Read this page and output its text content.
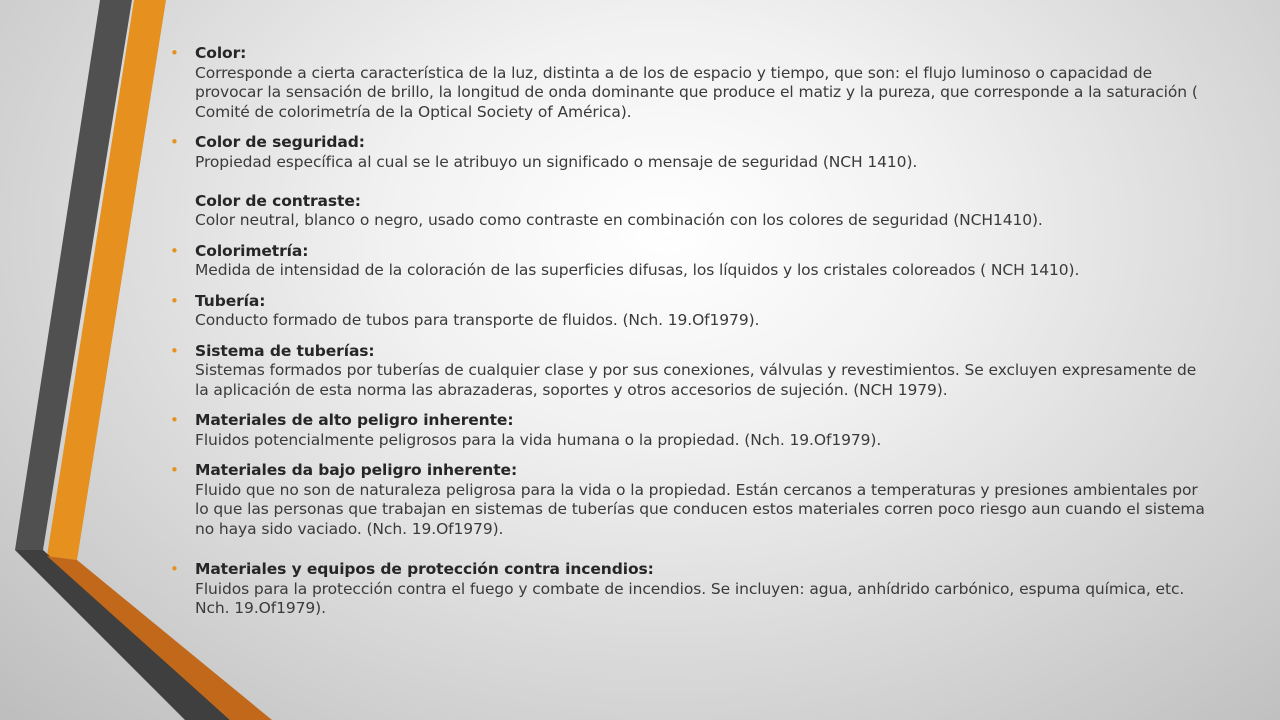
• Color:
Corresponde a cierta característica de la luz, distinta a de los de espacio y tiempo, que son: el flujo luminoso o capacidad de provocar la sensación de brillo, la longitud de onda dominante que produce el matiz y la pureza, que corresponde a la saturación ( Comité de colorimetría de la Optical Society of América).
• Color de seguridad:
Propiedad específica al cual se le atribuyo un significado o mensaje de seguridad (NCH 1410).
Color de contraste:
Color neutral, blanco o negro, usado como contraste en combinación con los colores de seguridad (NCH1410).
• Colorimetría:
Medida de intensidad de la coloración de las superficies difusas, los líquidos y los cristales coloreados ( NCH 1410).
• Tubería:
Conducto formado de tubos para transporte de fluidos. (Nch. 19.Of1979).
• Sistema de tuberías:
Sistemas formados por tuberías de cualquier clase y por sus conexiones, válvulas y revestimientos. Se excluyen expresamente de la aplicación de esta norma las abrazaderas, soportes y otros accesorios de sujeción. (NCH 1979).
• Materiales de alto peligro inherente:
Fluidos potencialmente peligrosos para la vida humana o la propiedad. (Nch. 19.Of1979).
• Materiales da bajo peligro inherente:
Fluido que no son de naturaleza peligrosa para la vida o la propiedad. Están cercanos a temperaturas y presiones ambientales por lo que las personas que trabajan en sistemas de tuberías que conducen estos materiales corren poco riesgo aun cuando el sistema no haya sido vaciado. (Nch. 19.Of1979).
• Materiales y equipos de protección contra incendios:
Fluidos para la protección contra el fuego y combate de incendios. Se incluyen: agua, anhídrido carbónico, espuma química, etc. Nch. 19.Of1979).
